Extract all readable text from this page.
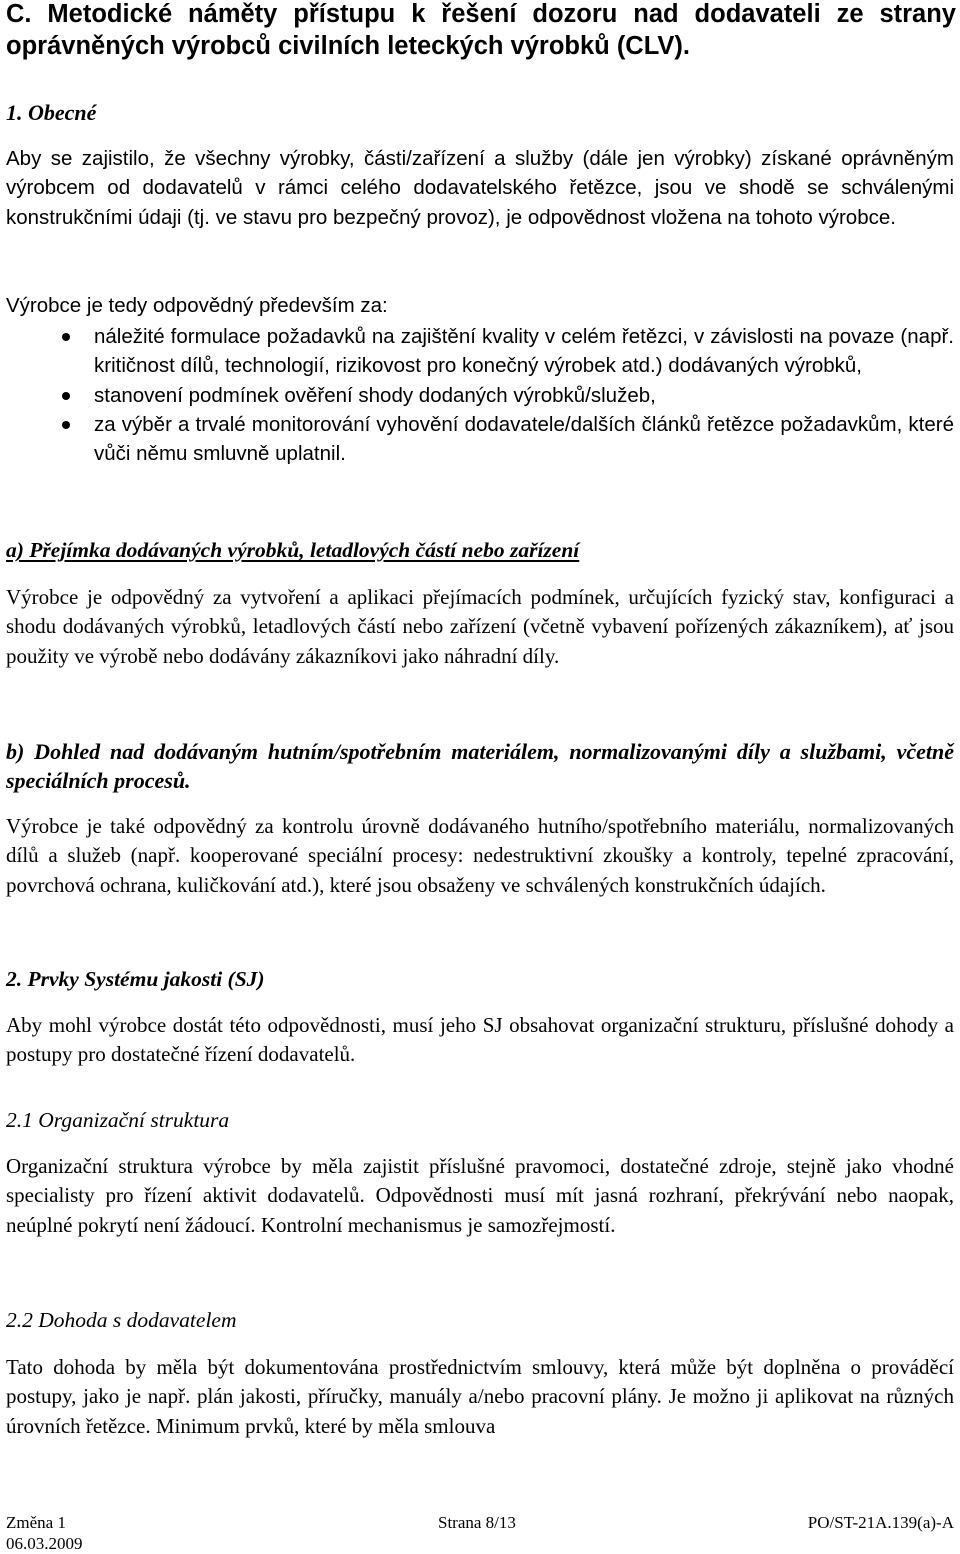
C. Metodické náměty přístupu k řešení dozoru nad dodavateli ze strany oprávněných výrobců civilních leteckých výrobků (CLV).
1. Obecné

Aby se zajistilo, že všechny výrobky, části/zařízení a služby (dále jen výrobky) získané oprávněným výrobcem od dodavatelů v rámci celého dodavatelského řetězce, jsou ve shodě se schválenými konstrukčními údaji (tj. ve stavu pro bezpečný provoz), je odpovědnost vložena na tohoto výrobce.

Výrobce je tedy odpovědný především za:

náležité formulace požadavků na zajištění kvality v celém řetězci, v závislosti na povaze (např. kritičnost dílů, technologií, rizikovost pro konečný výrobek atd.) dodávaných výrobků,
stanovení podmínek ověření shody dodaných výrobků/služeb,
za výběr a trvalé monitorování vyhovění dodavatele/dalších článků řetězce požadavkům, které vůči němu smluvně uplatnil.
a) Přejímka dodávaných výrobků, letadlových částí nebo zařízení

Výrobce je odpovědný za vytvoření a aplikaci přejímacích podmínek, určujících fyzický stav, konfiguraci a shodu dodávaných výrobků, letadlových částí nebo zařízení (včetně vybavení pořízených zákazníkem), ať jsou použity ve výrobě nebo dodávány zákazníkovi jako náhradní díly.

b) Dohled nad dodávaným hutním/spotřebním materiálem, normalizovanými díly a službami, včetně speciálních procesů.

Výrobce je také odpovědný za kontrolu úrovně dodávaného hutního/spotřebního materiálu, normalizovaných dílů a služeb (např. kooperované speciální procesy: nedestruktivní zkoušky a kontroly, tepelné zpracování, povrchová ochrana, kuličkování atd.), které jsou obsaženy ve schválených konstrukčních údajích.

2. Prvky Systému jakosti (SJ)

Aby mohl výrobce dostát této odpovědnosti, musí jeho SJ obsahovat organizační strukturu, příslušné dohody a postupy pro dostatečné řízení dodavatelů.

2.1 Organizační struktura

Organizační struktura výrobce by měla zajistit příslušné pravomoci, dostatečné zdroje, stejně jako vhodné specialisty pro řízení aktivit dodavatelů. Odpovědnosti musí mít jasná rozhraní, překrývání nebo naopak, neúplné pokrytí není žádoucí. Kontrolní mechanismus je samozřejmostí.

2.2 Dohoda s dodavatelem

Tato dohoda by měla být dokumentována prostřednictvím smlouvy, která může být doplněna o prováděcí postupy, jako je např. plán jakosti, příručky, manuály a/nebo pracovní plány. Je možno ji aplikovat na různých úrovních řetězce. Minimum prvků, které by měla smlouva

Změna 1
06.03.2009
Strana 8/13	PO/ST-21A.139(a)-A
